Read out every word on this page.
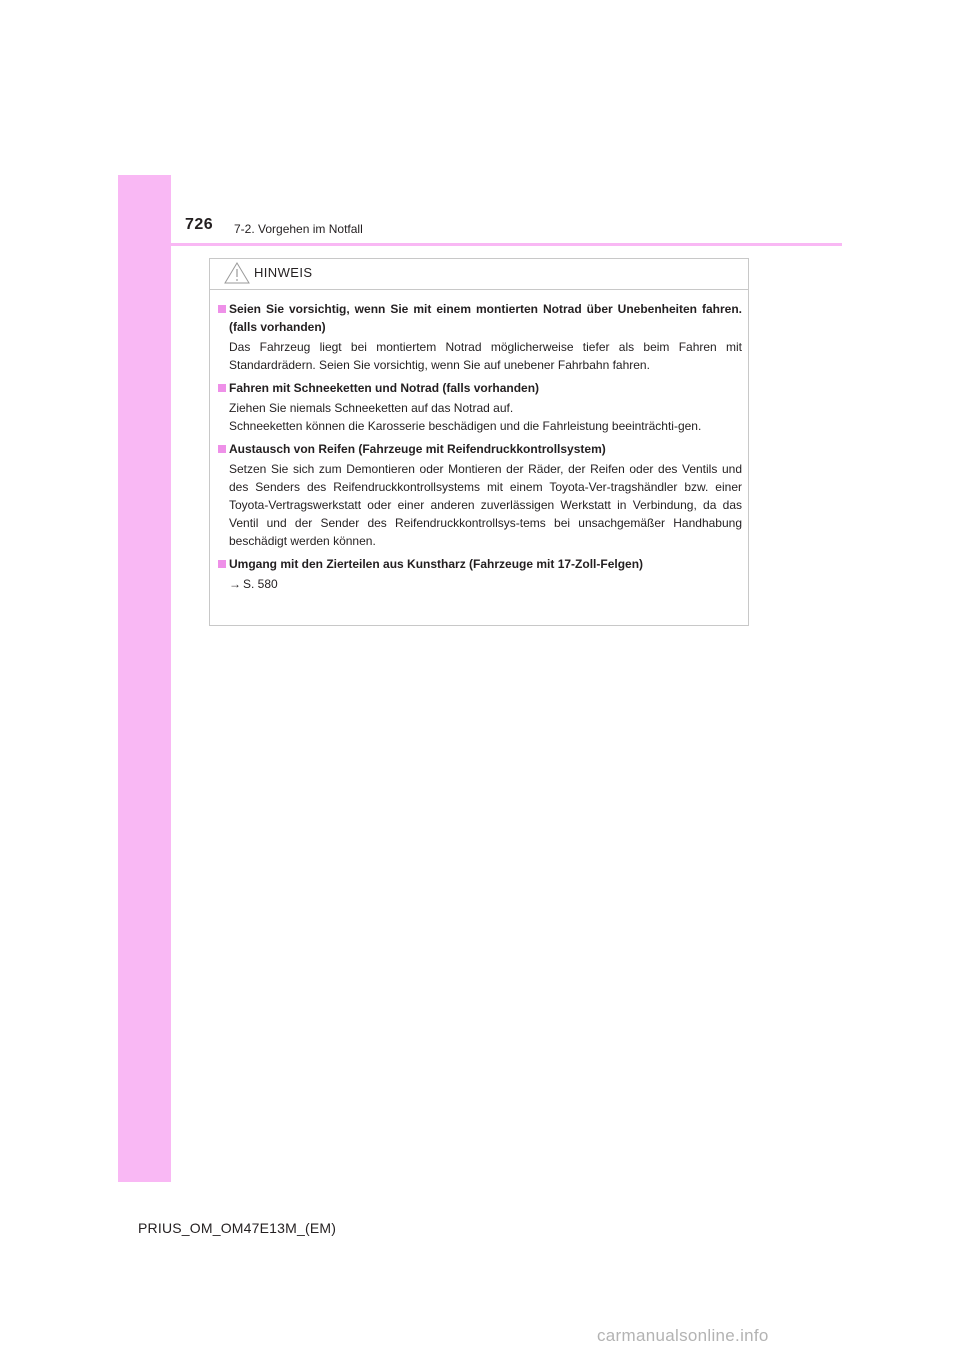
726 7-2. Vorgehen im Notfall
HINWEIS
Seien Sie vorsichtig, wenn Sie mit einem montierten Notrad über Unebenheiten fahren. (falls vorhanden)

Das Fahrzeug liegt bei montiertem Notrad möglicherweise tiefer als beim Fahren mit Standardrädern. Seien Sie vorsichtig, wenn Sie auf unebener Fahrbahn fahren.

Fahren mit Schneeketten und Notrad (falls vorhanden)

Ziehen Sie niemals Schneeketten auf das Notrad auf.

Schneeketten können die Karosserie beschädigen und die Fahrleistung beeinträchti-gen.

Austausch von Reifen (Fahrzeuge mit Reifendruckkontrollsystem)

Setzen Sie sich zum Demontieren oder Montieren der Räder, der Reifen oder des Ventils und des Senders des Reifendruckkontrollsystems mit einem Toyota-Ver-tragshändler bzw. einer Toyota-Vertragswerkstatt oder einer anderen zuverlässigen Werkstatt in Verbindung, da das Ventil und der Sender des Reifendruckkontrollsys-tems bei unsachgemäßer Handhabung beschädigt werden können.

Umgang mit den Zierteilen aus Kunstharz (Fahrzeuge mit 17-Zoll-Felgen)
→ S. 580
PRIUS_OM_OM47E13M_(EM)
carmanualsonline.info
